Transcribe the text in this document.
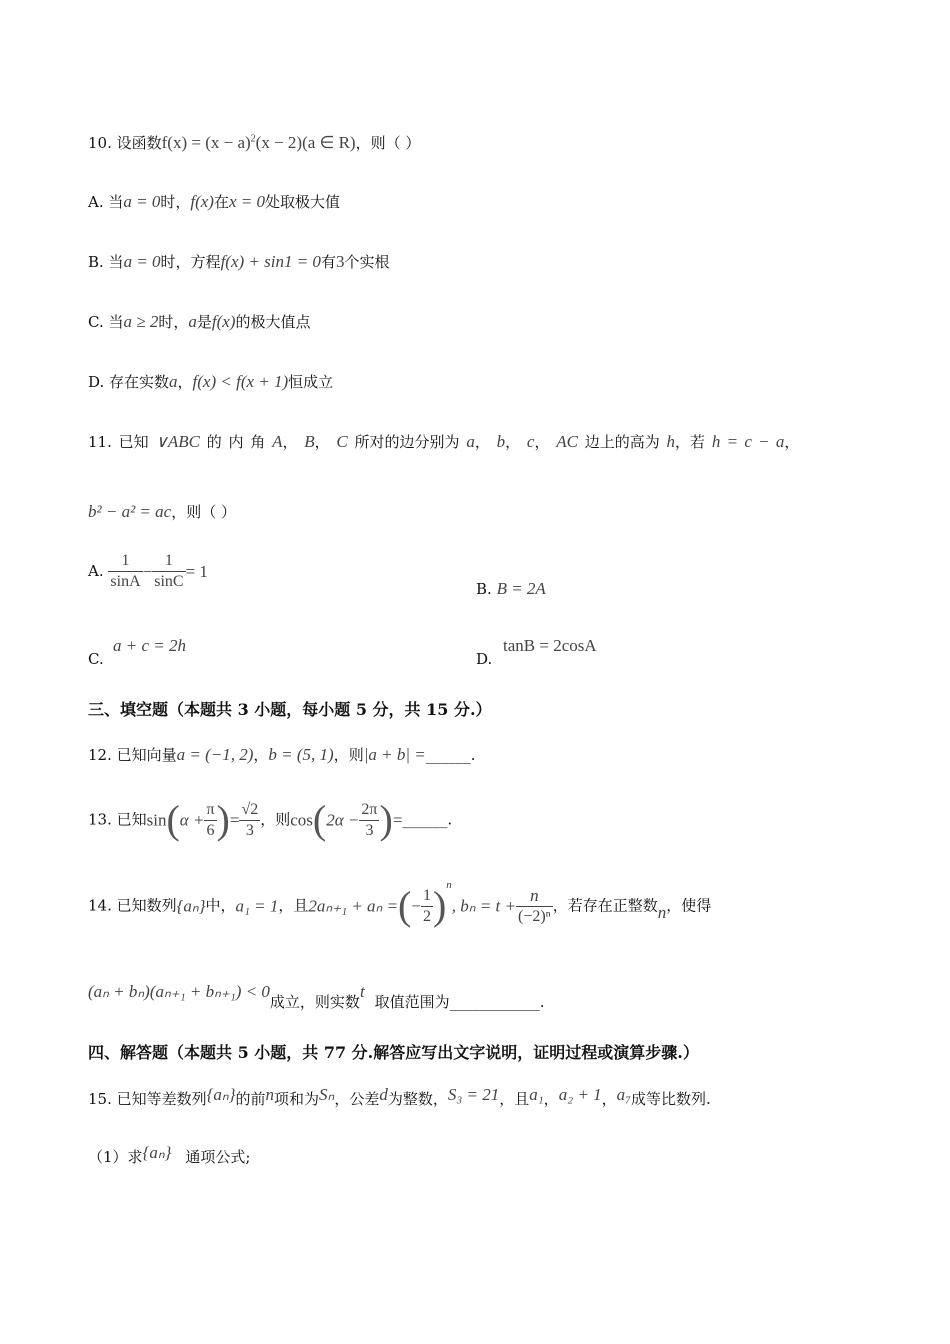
10. 设函数$f(x) = (x - a)^2(x - 2)(a$ ∈ R)，则（ ）
A. 当a = 0时，f(x)在x = 0处取极大值
B. 当a = 0时，方程f(x) + sin1 = 0有3个实根
C. 当a ≥ 2时，a是f(x)的极大值点
D. 存在实数a，f(x) < f(x + 1)恒成立
11. 已知 ∨ABC 的 内 角 A， B， C 所对的边分别为 a， b， c， AC 边上的高为 h，若 h = c − a，
b² − a² = ac，则（ ）
A. $\frac{1}{\sin A} - \frac{1}{\sin C} = 1$
B. B = 2A
C.
a + c = 2h
D.
tanB = 2cosA
三、填空题（本题共 3 小题，每小题 5 分，共 15 分.）
12. 已知向量a = (−1, 2)，b = (5, 1)，则|a + b| =______.
13. 已知$\sin(\alpha + \frac{\pi}{6}$ )= $\frac{√2}{3}$ ，则$\cos(2\alpha - \frac{2\pi}{3}$ )=______.
14. 已知数列{aₙ}中，a₁ = 1，且2aₙ₊₁ + aₙ =(− $\frac{1}{2} )^n$, $b_n = t + \frac{n}{\text{(−2)ⁿ}}$ ，若存在正整数n，使得
(aₙ + bₙ)(aₙ₊₁ + bₙ₊₁) < 0成立，则实数t取值范围为____________.
四、解答题（本题共 5 小题，共 77 分.解答应写出文字说明，证明过程或演算步骤.）
15. 已知等差数列{aₙ}的前n项和为Sₙ，公差d为整数，S₃ = 21，且a₁，a₂ + 1，a₇成等比数列.
（1）求{aₙ} 通项公式;
